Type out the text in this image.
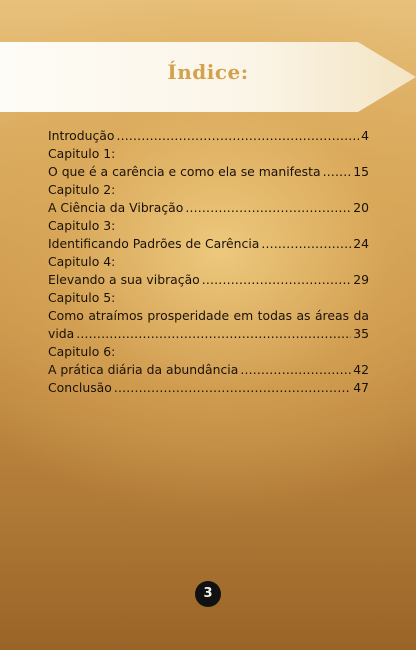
Índice:
Introdução .....	4
Capitulo 1:
O que é a carência e como ela se manifesta .....	15
Capitulo 2:
A Ciência da Vibração .....	20
Capitulo 3:
Identificando Padrões de Carência .....	24
Capitulo 4:
Elevando a sua vibração .....	29
Capitulo 5:
Como atraímos prosperidade em todas as áreas da
vida .....	35
Capitulo 6:
A prática diária da abundância .....	42
Conclusão .....	47
3
